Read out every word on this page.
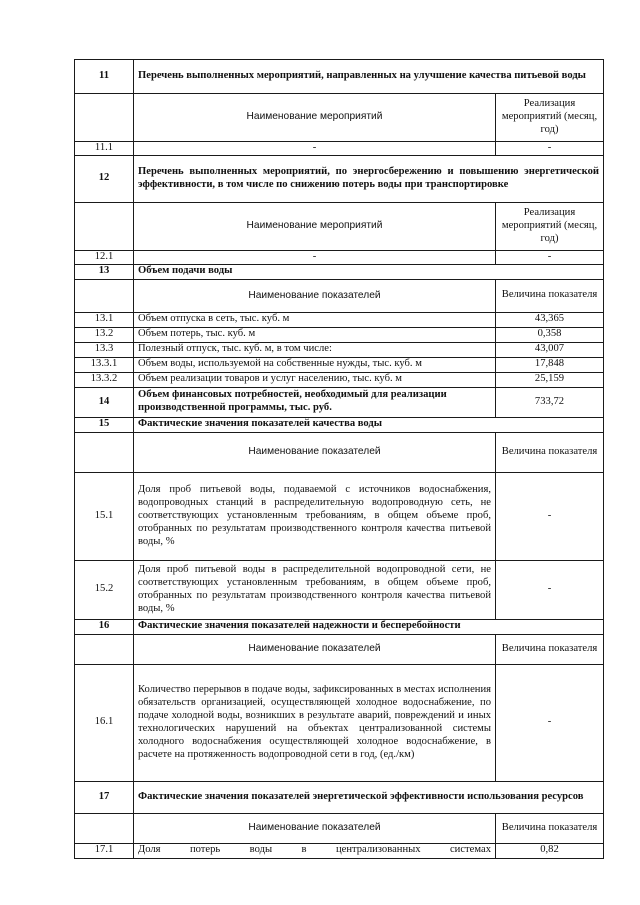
11	Перечень выполненных мероприятий, направленных на улучшение качества питьевой воды	
	Наименование мероприятий	Реализация мероприятий (месяц, год)
11.1	-	-
12	Перечень выполненных мероприятий, по энергосбережению и повышению энергетической эффективности, в том числе по снижению потерь воды при транспортировке	
	Наименование мероприятий	Реализация мероприятий (месяц, год)
12.1	-	-
13	Объем подачи воды	
	Наименование показателей	Величина показателя
13.1	Объем отпуска в сеть, тыс. куб. м	43,365
13.2	Объем потерь, тыс. куб. м	0,358
13.3	Полезный отпуск, тыс. куб. м, в том числе:	43,007
13.3.1	Объем воды, используемой на собственные нужды, тыс. куб. м	17,848
13.3.2	Объем реализации товаров и услуг населению, тыс. куб. м	25,159
14	Объем финансовых потребностей, необходимый для реализации производственной программы, тыс. руб.	733,72
15	Фактические значения показателей качества воды	
	Наименование показателей	Величина показателя
15.1	Доля проб питьевой воды, подаваемой с источников водоснабжения, водопроводных станций в распределительную водопроводную сеть, не соответствующих установленным требованиям, в общем объеме проб, отобранных по результатам производственного контроля качества питьевой воды, %	-
15.2	Доля проб питьевой воды в распределительной водопроводной сети, не соответствующих установленным требованиям, в общем объеме проб, отобранных по результатам производственного контроля качества питьевой воды, %	-
16	Фактические значения показателей надежности и бесперебойности	
	Наименование показателей	Величина показателя
16.1	Количество перерывов в подаче воды, зафиксированных в местах исполнения обязательств организацией, осуществляющей холодное водоснабжение, по подаче холодной воды, возникших в результате аварий, повреждений и иных технологических нарушений на объектах централизованной системы холодного водоснабжения осуществляющей холодное водоснабжение, в расчете на протяженность водопроводной сети в год, (ед./км)	-
17	Фактические значения показателей энергетической эффективности использования ресурсов	
	Наименование показателей	Величина показателя
17.1	Доля потерь воды в централизованных системах	0,82
